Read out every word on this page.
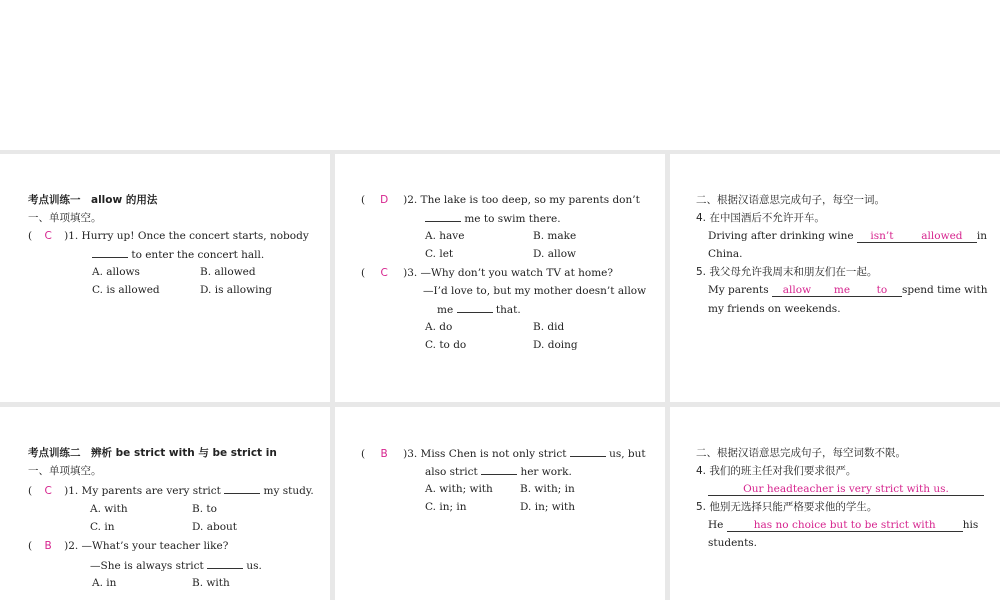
考点训练一　allow 的用法
一、单项填空。
( C )1. Hurry up! Once the concert starts, nobody
to enter the concert hall.
A. allows	B. allowed
C. is allowed	D. is allowing
( D )2. The lake is too deep, so my parents don’t
me to swim there.
A. have	B. make
C. let	D. allow
( C )3. —Why don’t you watch TV at home?
—I’d love to, but my mother doesn’t allow
me	that.
A. do	B. did
C. to do	D. doing
二、根据汉语意思完成句子，每空一词。
4. 在中国酒后不允许开车。
Driving after drinking wine isn’t	allowed in
China.
5. 我父母允许我周末和朋友们在一起。
My parents allow me	to spend time with
my friends on weekends.
考点训练二　辨析 be strict with 与 be strict in
一、单项填空。
( C )1. My parents are very strict	my study.
A. with	B. to
C. in	D. about
( B )2. —What’s your teacher like?
—She is always strict	us.
A. in	B. with
( B )3. Miss Chen is not only strict	us, but
also strict	her work.
A. with; with	B. with; in
C. in; in	D. in; with
二、根据汉语意思完成句子，每空词数不限。
4. 我们的班主任对我们要求很严。
Our headteacher is very strict with us.
5. 他别无选择只能严格要求他的学生。
He	has no choice but to be strict with	his
students.
